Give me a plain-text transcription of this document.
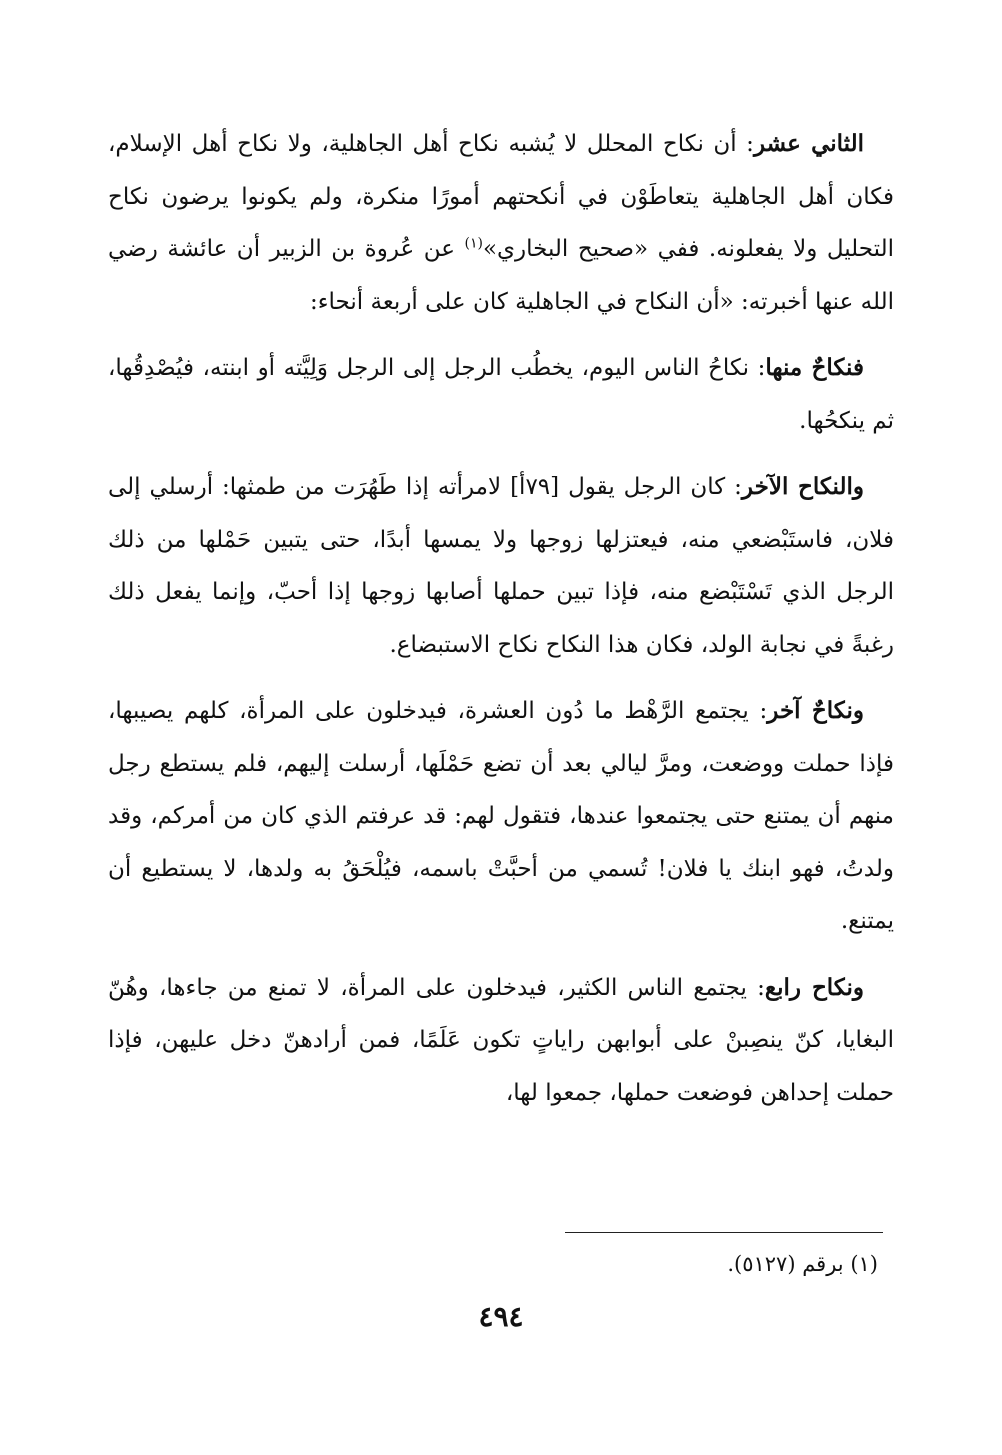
الثاني عشر: أن نكاح المحلل لا يُشبه نكاح أهل الجاهلية، ولا نكاح أهل الإسلام، فكان أهل الجاهلية يتعاطَوْن في أنكحتهم أمورًا منكرة، ولم يكونوا يرضون نكاح التحليل ولا يفعلونه. ففي «صحيح البخاري»$^{(١)}$ عن عُروة بن الزبير أن عائشة رضي الله عنها أخبرته: «أن النكاح في الجاهلية كان على أربعة أنحاء:

فنكاحٌ منها: نكاحُ الناس اليوم، يخطُب الرجل إلى الرجل وَلِيَّته أو ابنته، فيُصْدِقُها، ثم ينكحُها.

والنكاح الآخر: كان الرجل يقول [٧٩أ] لامرأته إذا طَهُرَت من طمثها: أرسلي إلى فلان، فاستَبْضعي منه، فيعتزلها زوجها ولا يمسها أبدًا، حتى يتبين حَمْلها من ذلك الرجل الذي تَسْتَبْضع منه، فإذا تبين حملها أصابها زوجها إذا أحبّ، وإنما يفعل ذلك رغبةً في نجابة الولد، فكان هذا النكاح نكاح الاستبضاع.

ونكاحٌ آخر: يجتمع الرَّهْط ما دُون العشرة، فيدخلون على المرأة، كلهم يصيبها، فإذا حملت ووضعت، ومرَّ ليالي بعد أن تضع حَمْلَها، أرسلت إليهم، فلم يستطع رجل منهم أن يمتنع حتى يجتمعوا عندها، فتقول لهم: قد عرفتم الذي كان من أمركم، وقد ولدتُ، فهو ابنك يا فلان! تُسمي من أحبَّتْ باسمه، فيُلْحَقُ به ولدها، لا يستطيع أن يمتنع.

ونكاح رابع: يجتمع الناس الكثير، فيدخلون على المرأة، لا تمنع من جاءها، وهُنّ البغايا، كنّ ينصِبنْ على أبوابهن راياتٍ تكون عَلَمًا، فمن أرادهنّ دخل عليهن، فإذا حملت إحداهن فوضعت حملها، جمعوا لها،

(١) برقم (٥١٢٧).
٤٩٤
